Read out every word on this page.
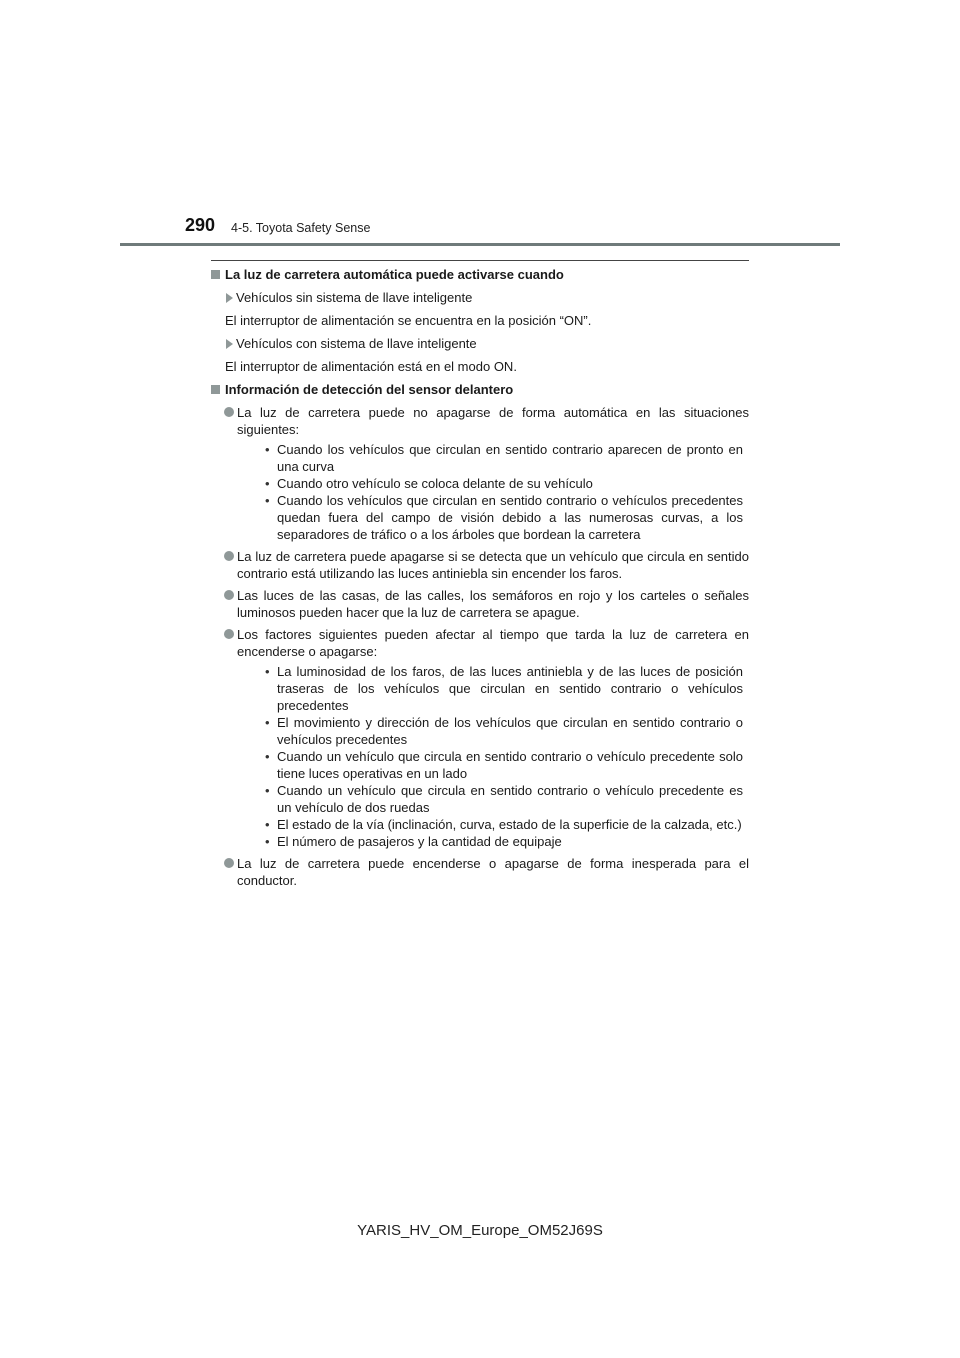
290 4-5. Toyota Safety Sense
La luz de carretera automática puede activarse cuando
Vehículos sin sistema de llave inteligente
El interruptor de alimentación se encuentra en la posición “ON”.
Vehículos con sistema de llave inteligente
El interruptor de alimentación está en el modo ON.
Información de detección del sensor delantero
La luz de carretera puede no apagarse de forma automática en las situaciones siguientes:
• Cuando los vehículos que circulan en sentido contrario aparecen de pronto en una curva
• Cuando otro vehículo se coloca delante de su vehículo
• Cuando los vehículos que circulan en sentido contrario o vehículos precedentes quedan fuera del campo de visión debido a las numerosas curvas, a los separadores de tráfico o a los árboles que bordean la carretera
La luz de carretera puede apagarse si se detecta que un vehículo que circula en sentido contrario está utilizando las luces antiniebla sin encender los faros.
Las luces de las casas, de las calles, los semáforos en rojo y los carteles o señales luminosos pueden hacer que la luz de carretera se apague.
Los factores siguientes pueden afectar al tiempo que tarda la luz de carretera en encenderse o apagarse:
• La luminosidad de los faros, de las luces antiniebla y de las luces de posición traseras de los vehículos que circulan en sentido contrario o vehículos precedentes
• El movimiento y dirección de los vehículos que circulan en sentido contrario o vehículos precedentes
• Cuando un vehículo que circula en sentido contrario o vehículo precedente solo tiene luces operativas en un lado
• Cuando un vehículo que circula en sentido contrario o vehículo precedente es un vehículo de dos ruedas
• El estado de la vía (inclinación, curva, estado de la superficie de la calzada, etc.)
• El número de pasajeros y la cantidad de equipaje
La luz de carretera puede encenderse o apagarse de forma inesperada para el conductor.
YARIS_HV_OM_Europe_OM52J69S
